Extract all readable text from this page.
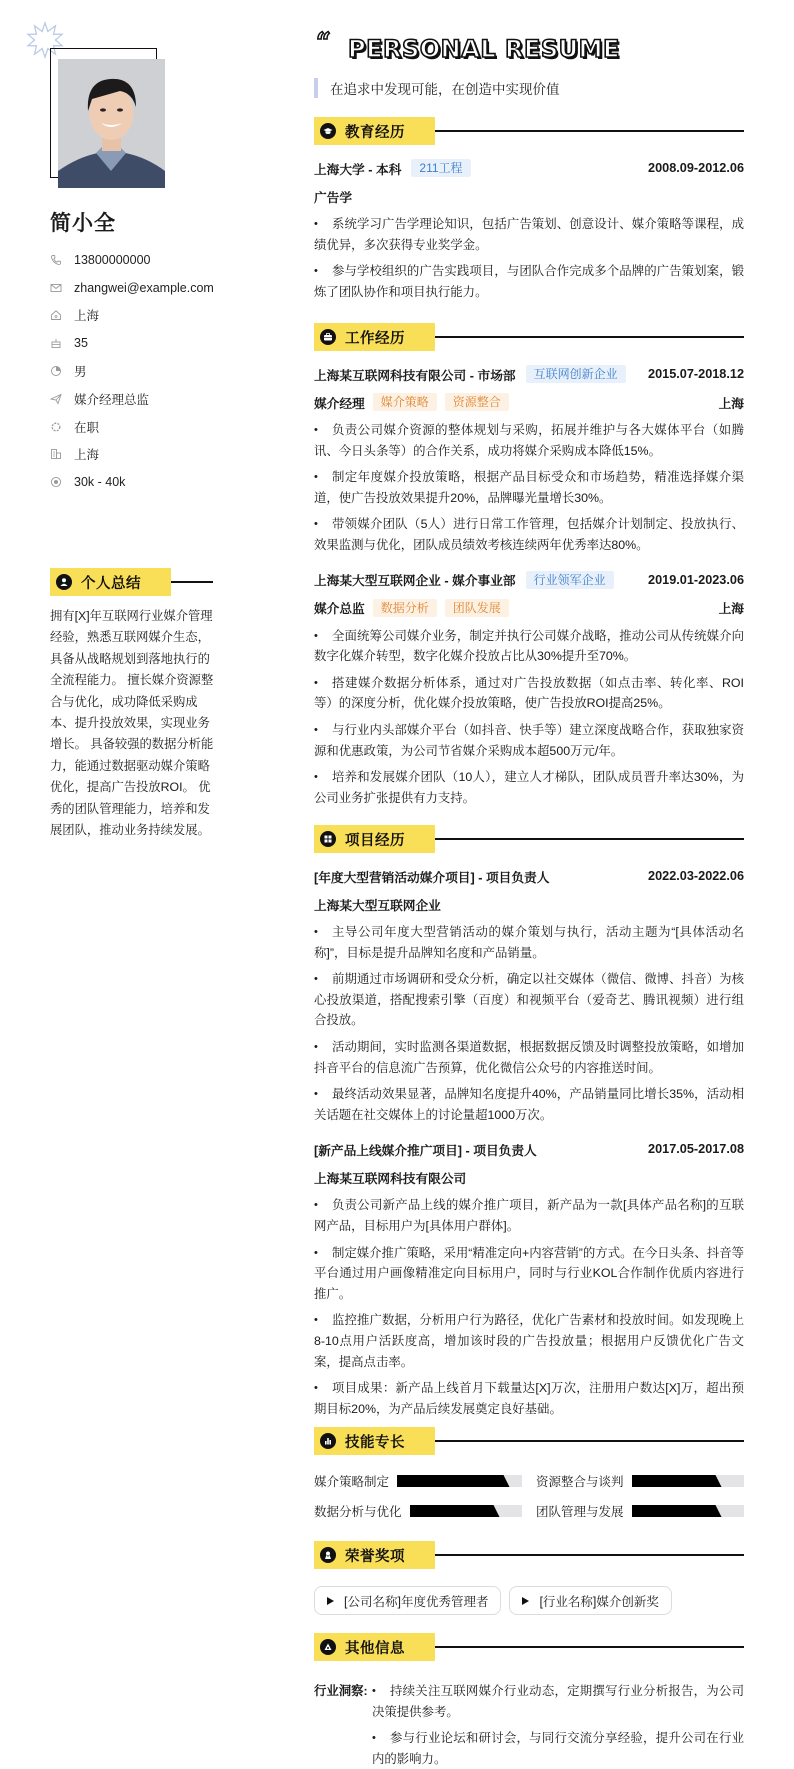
简小全
13800000000
zhangwei@example.com
上海
35
男
媒介经理总监
在职
上海
30k - 40k
个人总结
拥有[X]年互联网行业媒介管理经验，熟悉互联网媒介生态，具备从战略规划到落地执行的全流程能力。 擅长媒介资源整合与优化，成功降低采购成本、提升投放效果，实现业务增长。 具备较强的数据分析能力，能通过数据驱动媒介策略优化，提高广告投放ROI。 优秀的团队管理能力，培养和发展团队，推动业务持续发展。
“ PERSONAL RESUME
在追求中发现可能，在创造中实现价值
教育经历
上海大学 - 本科	211工程	2008.09-2012.06
广告学
• 系统学习广告学理论知识，包括广告策划、创意设计、媒介策略等课程，成绩优异，多次获得专业奖学金。
• 参与学校组织的广告实践项目，与团队合作完成多个品牌的广告策划案，锻炼了团队协作和项目执行能力。
工作经历
上海某互联网科技有限公司 - 市场部	互联网创新企业	2015.07-2018.12
媒介经理	媒介策略	资源整合	上海
• 负责公司媒介资源的整体规划与采购，拓展并维护与各大媒体平台（如腾讯、今日头条等）的合作关系，成功将媒介采购成本降低15%。
• 制定年度媒介投放策略，根据产品目标受众和市场趋势，精准选择媒介渠道，使广告投放效果提升20%，品牌曝光量增长30%。
• 带领媒介团队（5人）进行日常工作管理，包括媒介计划制定、投放执行、效果监测与优化，团队成员绩效考核连续两年优秀率达80%。
上海某大型互联网企业 - 媒介事业部	行业领军企业	2019.01-2023.06
媒介总监	数据分析	团队发展	上海
• 全面统筹公司媒介业务，制定并执行公司媒介战略，推动公司从传统媒介向数字化媒介转型，数字化媒介投放占比从30%提升至70%。
• 搭建媒介数据分析体系，通过对广告投放数据（如点击率、转化率、ROI等）的深度分析，优化媒介投放策略，使广告投放ROI提高25%。
• 与行业内头部媒介平台（如抖音、快手等）建立深度战略合作，获取独家资源和优惠政策，为公司节省媒介采购成本超500万元/年。
• 培养和发展媒介团队（10人），建立人才梯队，团队成员晋升率达30%，为公司业务扩张提供有力支持。
项目经历
[年度大型营销活动媒介项目] - 项目负责人	2022.03-2022.06
上海某大型互联网企业
• 主导公司年度大型营销活动的媒介策划与执行，活动主题为“[具体活动名称]”，目标是提升品牌知名度和产品销量。
• 前期通过市场调研和受众分析，确定以社交媒体（微信、微博、抖音）为核心投放渠道，搭配搜索引擎（百度）和视频平台（爱奇艺、腾讯视频）进行组合投放。
• 活动期间，实时监测各渠道数据，根据数据反馈及时调整投放策略，如增加抖音平台的信息流广告预算，优化微信公众号的内容推送时间。
• 最终活动效果显著，品牌知名度提升40%，产品销量同比增长35%，活动相关话题在社交媒体上的讨论量超1000万次。
[新产品上线媒介推广项目] - 项目负责人	2017.05-2017.08
上海某互联网科技有限公司
• 负责公司新产品上线的媒介推广项目，新产品为一款[具体产品名称]的互联网产品，目标用户为[具体用户群体]。
• 制定媒介推广策略，采用“精准定向+内容营销”的方式。在今日头条、抖音等平台通过用户画像精准定向目标用户，同时与行业KOL合作制作优质内容进行推广。
• 监控推广数据，分析用户行为路径，优化广告素材和投放时间。如发现晚上8-10点用户活跃度高，增加该时段的广告投放量；根据用户反馈优化广告文案，提高点击率。
• 项目成果：新产品上线首月下载量达[X]万次，注册用户数达[X]万，超出预期目标20%，为产品后续发展奠定良好基础。
技能专长
媒介策略制定	资源整合与谈判
数据分析与优化	团队管理与发展
荣誉奖项
[公司名称]年度优秀管理者	[行业名称]媒介创新奖
其他信息
行业洞察:	• 持续关注互联网媒介行业动态，定期撰写行业分析报告，为公司决策提供参考。
• 参与行业论坛和研讨会，与同行交流分享经验，提升公司在行业内的影响力。
